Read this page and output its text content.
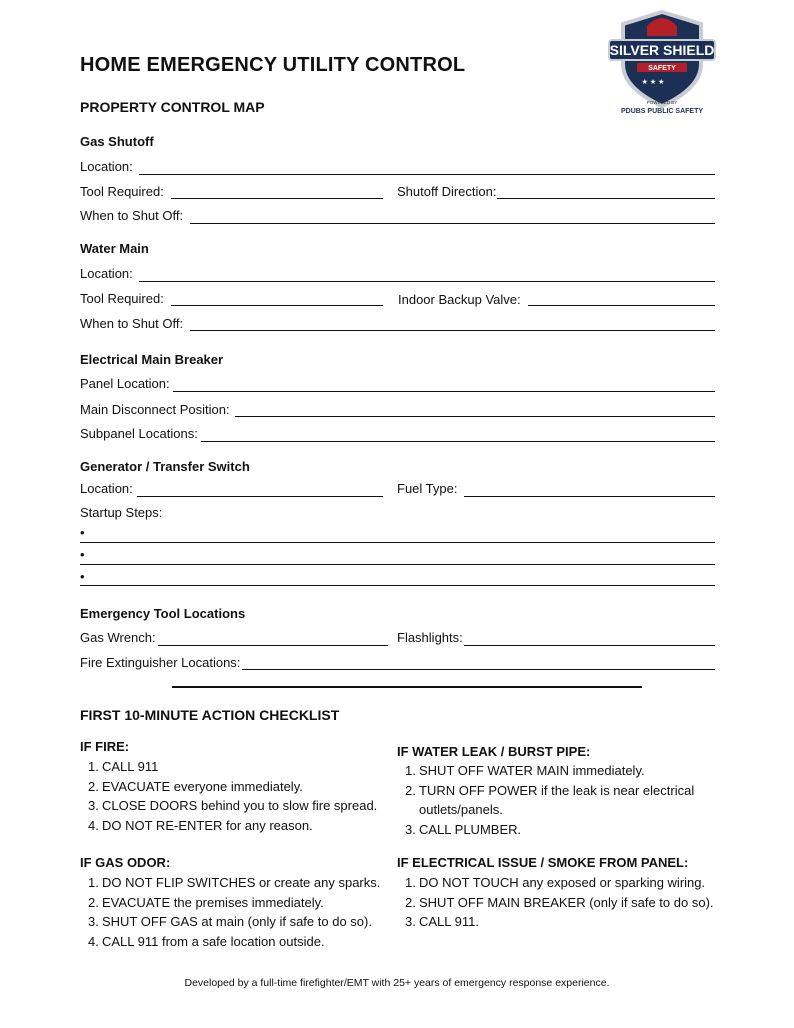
SILVER SHIELD
SAFETY
★ ★ ★
POWERED BY
PDUBS PUBLIC SAFETY
HOME EMERGENCY UTILITY CONTROL
PROPERTY CONTROL MAP
Gas Shutoff
Location:
Tool Required:	Shutoff Direction:
When to Shut Off:
Water Main
Location:
Tool Required:	Indoor Backup Valve:
When to Shut Off:
Electrical Main Breaker
Panel Location:
Main Disconnect Position:
Subpanel Locations:
Generator / Transfer Switch
Location:	Fuel Type:
Startup Steps:
•
•
•
Emergency Tool Locations
Gas Wrench:	Flashlights:
Fire Extinguisher Locations:
FIRST 10-MINUTE ACTION CHECKLIST
IF FIRE:
1. CALL 911
2. EVACUATE everyone immediately.
3. CLOSE DOORS behind you to slow fire spread.
4. DO NOT RE-ENTER for any reason.
IF WATER LEAK / BURST PIPE:
1. SHUT OFF WATER MAIN immediately.
2. TURN OFF POWER if the leak is near electrical outlets/panels.
3. CALL PLUMBER.
IF GAS ODOR:
1. DO NOT FLIP SWITCHES or create any sparks.
2. EVACUATE the premises immediately.
3. SHUT OFF GAS at main (only if safe to do so).
4. CALL 911 from a safe location outside.
IF ELECTRICAL ISSUE / SMOKE FROM PANEL:
1. DO NOT TOUCH any exposed or sparking wiring.
2. SHUT OFF MAIN BREAKER (only if safe to do so).
3. CALL 911.
Developed by a full-time firefighter/EMT with 25+ years of emergency response experience.
